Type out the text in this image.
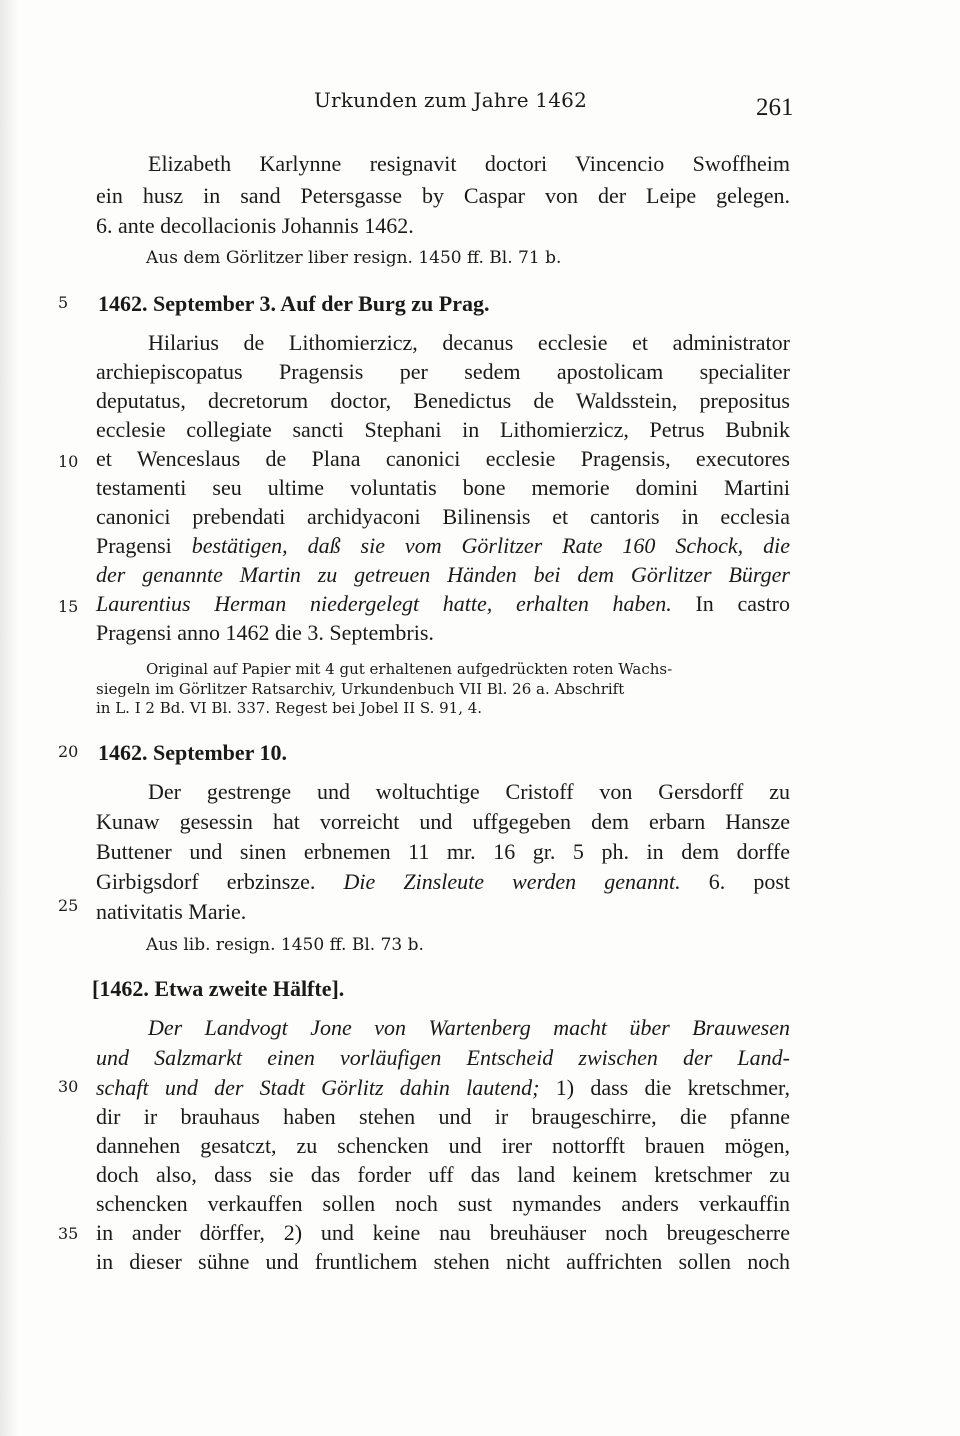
Urkunden zum Jahre 1462	261
5
10
15
20
25
30
35
Elizabeth Karlynne resignavit doctori Vincencio Swoffheim
ein husz in sand Petersgasse by Caspar von der Leipe gelegen.
6. ante decollacionis Johannis 1462.
Aus dem Görlitzer liber resign. 1450 ff. Bl. 71 b.
1462. September 3. Auf der Burg zu Prag.
Hilarius de Lithomierzicz, decanus ecclesie et administrator
archiepiscopatus Pragensis per sedem apostolicam specialiter
deputatus, decretorum doctor, Benedictus de Waldsstein, prepositus
ecclesie collegiate sancti Stephani in Lithomierzicz, Petrus Bubnik
et Wenceslaus de Plana canonici ecclesie Pragensis, executores
testamenti seu ultime voluntatis bone memorie domini Martini
canonici prebendati archidyaconi Bilinensis et cantoris in ecclesia
Pragensi bestätigen, daß sie vom Görlitzer Rate 160 Schock, die
der genannte Martin zu getreuen Händen bei dem Görlitzer Bürger
Laurentius Herman niedergelegt hatte, erhalten haben. In castro
Pragensi anno 1462 die 3. Septembris.
Original auf Papier mit 4 gut erhaltenen aufgedrückten roten Wachs-
siegeln im Görlitzer Ratsarchiv, Urkundenbuch VII Bl. 26 a. Abschrift
in L. I 2 Bd. VI Bl. 337. Regest bei Jobel II S. 91, 4.
1462. September 10.
Der gestrenge und woltuchtige Cristoff von Gersdorff zu
Kunaw gesessin hat vorreicht und uffgegeben dem erbarn Hansze
Buttener und sinen erbnemen 11 mr. 16 gr. 5 ph. in dem dorffe
Girbigsdorf erbzinsze. Die Zinsleute werden genannt. 6. post
nativitatis Marie.
Aus lib. resign. 1450 ff. Bl. 73 b.
[1462. Etwa zweite Hälfte].
Der Landvogt Jone von Wartenberg macht über Brauwesen
und Salzmarkt einen vorläufigen Entscheid zwischen der Land-
schaft und der Stadt Görlitz dahin lautend; 1) dass die kretschmer,
dir ir brauhaus haben stehen und ir braugeschirre, die pfanne
dannehen gesatczt, zu schencken und irer nottorfft brauen mögen,
doch also, dass sie das forder uff das land keinem kretschmer zu
schencken verkauffen sollen noch sust nymandes anders verkauffin
in ander dörffer, 2) und keine nau breuhäuser noch breugescherre
in dieser sühne und fruntlichem stehen nicht auffrichten sollen noch
